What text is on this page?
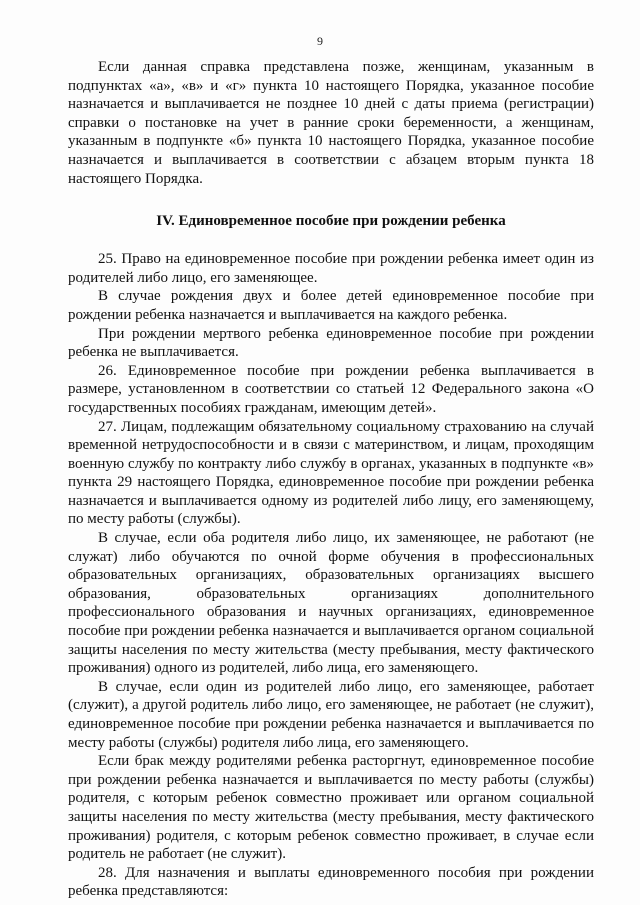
9

Если данная справка представлена позже, женщинам, указанным в подпунктах «а», «в» и «г» пункта 10 настоящего Порядка, указанное пособие назначается и выплачивается не позднее 10 дней с даты приема (регистрации) справки о постановке на учет в ранние сроки беременности, а женщинам, указанным в подпункте «б» пункта 10 настоящего Порядка, указанное пособие назначается и выплачивается в соответствии с абзацем вторым пункта 18 настоящего Порядка.

IV. Единовременное пособие при рождении ребенка

25. Право на единовременное пособие при рождении ребенка имеет один из родителей либо лицо, его заменяющее.

В случае рождения двух и более детей единовременное пособие при рождении ребенка назначается и выплачивается на каждого ребенка.

При рождении мертвого ребенка единовременное пособие при рождении ребенка не выплачивается.

26. Единовременное пособие при рождении ребенка выплачивается в размере, установленном в соответствии со статьей 12 Федерального закона «О государственных пособиях гражданам, имеющим детей».

27. Лицам, подлежащим обязательному социальному страхованию на случай временной нетрудоспособности и в связи с материнством, и лицам, проходящим военную службу по контракту либо службу в органах, указанных в подпункте «в» пункта 29 настоящего Порядка, единовременное пособие при рождении ребенка назначается и выплачивается одному из родителей либо лицу, его заменяющему, по месту работы (службы).

В случае, если оба родителя либо лицо, их заменяющее, не работают (не служат) либо обучаются по очной форме обучения в профессиональных образовательных организациях, образовательных организациях высшего образования, образовательных организациях дополнительного профессионального образования и научных организациях, единовременное пособие при рождении ребенка назначается и выплачивается органом социальной защиты населения по месту жительства (месту пребывания, месту фактического проживания) одного из родителей, либо лица, его заменяющего.

В случае, если один из родителей либо лицо, его заменяющее, работает (служит), а другой родитель либо лицо, его заменяющее, не работает (не служит), единовременное пособие при рождении ребенка назначается и выплачивается по месту работы (службы) родителя либо лица, его заменяющего.

Если брак между родителями ребенка расторгнут, единовременное пособие при рождении ребенка назначается и выплачивается по месту работы (службы) родителя, с которым ребенок совместно проживает или органом социальной защиты населения по месту жительства (месту пребывания, месту фактического проживания) родителя, с которым ребенок совместно проживает, в случае если родитель не работает (не служит).

28. Для назначения и выплаты единовременного пособия при рождении ребенка представляются:
